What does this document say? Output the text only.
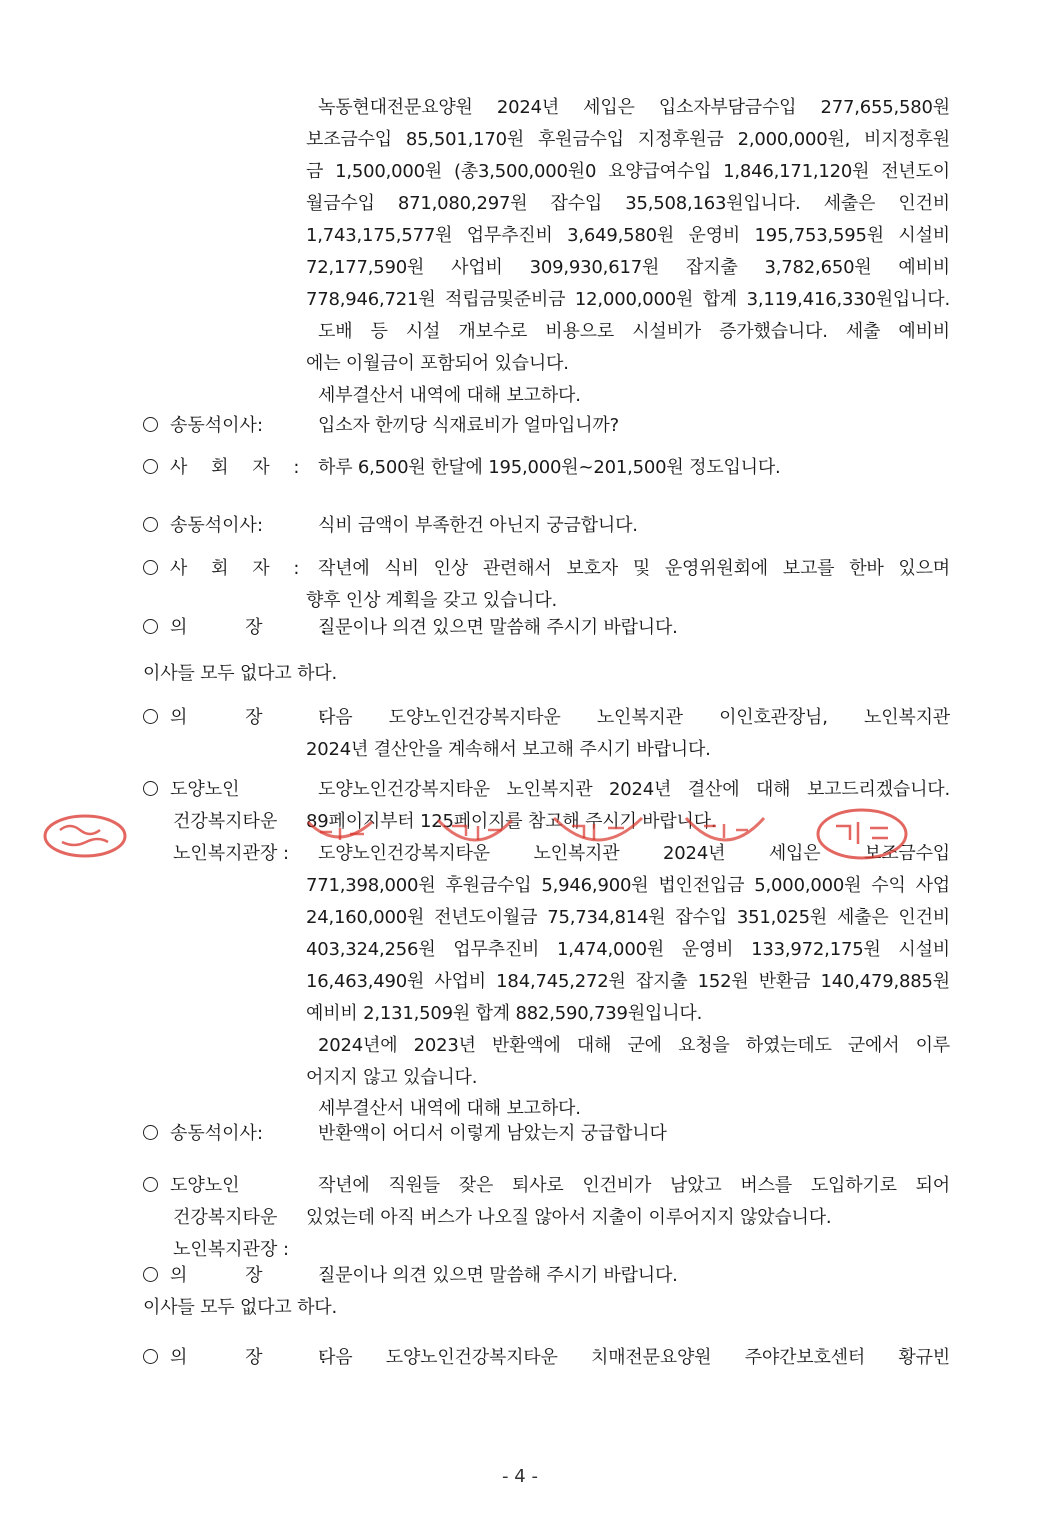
녹동현대전문요양원 2024년 세입은 입소자부담금수입 277,655,580원
보조금수입 85,501,170원 후원금수입 지정후원금 2,000,000원, 비지정후원
금 1,500,000원 (총3,500,000원0 요양급여수입 1,846,171,120원 전년도이
월금수입 871,080,297원 잡수입 35,508,163원입니다. 세출은 인건비
1,743,175,577원 업무추진비 3,649,580원 운영비 195,753,595원 시설비
72,177,590원 사업비 309,930,617원 잡지출 3,782,650원 예비비
778,946,721원 적립금및준비금 12,000,000원 합계 3,119,416,330원입니다.
도배 등 시설 개보수로 비용으로 시설비가 증가했습니다. 세출 예비비
에는 이월금이 포함되어 있습니다.
세부결산서 내역에 대해 보고하다.
송동석이사:	입소자 한끼당 식재료비가 얼마입니까?
사 회 자 : 하루 6,500원 한달에 195,000원~201,500원 정도입니다.
송동석이사:	식비 금액이 부족한건 아닌지 궁금합니다.
사 회 자 : 작년에 식비 인상 관련해서 보호자 및 운영위원회에 보고를 한바 있으며
향후 인상 계획을 갖고 있습니다.
의 장 :
질문이나 의견 있으면 말씀해 주시기 바랍니다.
이사들 모두 없다고 하다.
의 장 :
다음 도양노인건강복지타운 노인복지관 이인호관장님, 노인복지관
2024년 결산안을 계속해서 보고해 주시기 바랍니다.
도양노인
건강복지타운
노인복지관장 :
도양노인건강복지타운 노인복지관 2024년 결산에 대해 보고드리겠습니다.
89페이지부터 125페이지를 참고해 주시기 바랍니다.
도양노인건강복지타운 노인복지관 2024년 세입은 보조금수입
771,398,000원 후원금수입 5,946,900원 법인전입금 5,000,000원 수익 사업
24,160,000원 전년도이월금 75,734,814원 잡수입 351,025원 세출은 인건비
403,324,256원 업무추진비 1,474,000원 운영비 133,972,175원 시설비
16,463,490원 사업비 184,745,272원 잡지출 152원 반환금 140,479,885원
예비비 2,131,509원 합계 882,590,739원입니다.
2024년에 2023년 반환액에 대해 군에 요청을 하였는데도 군에서 이루
어지지 않고 있습니다.
세부결산서 내역에 대해 보고하다.
송동석이사:	반환액이 어디서 이렇게 남았는지 궁급합니다
도양노인
건강복지타운
노인복지관장 :
작년에 직원들 잦은 퇴사로 인건비가 남았고 버스를 도입하기로 되어
있었는데 아직 버스가 나오질 않아서 지출이 이루어지지 않았습니다.
의 장 :
질문이나 의견 있으면 말씀해 주시기 바랍니다.
이사들 모두 없다고 하다.
의 장 :
다음 도양노인건강복지타운 치매전문요양원 주야간보호센터 황규빈
- 4 -
